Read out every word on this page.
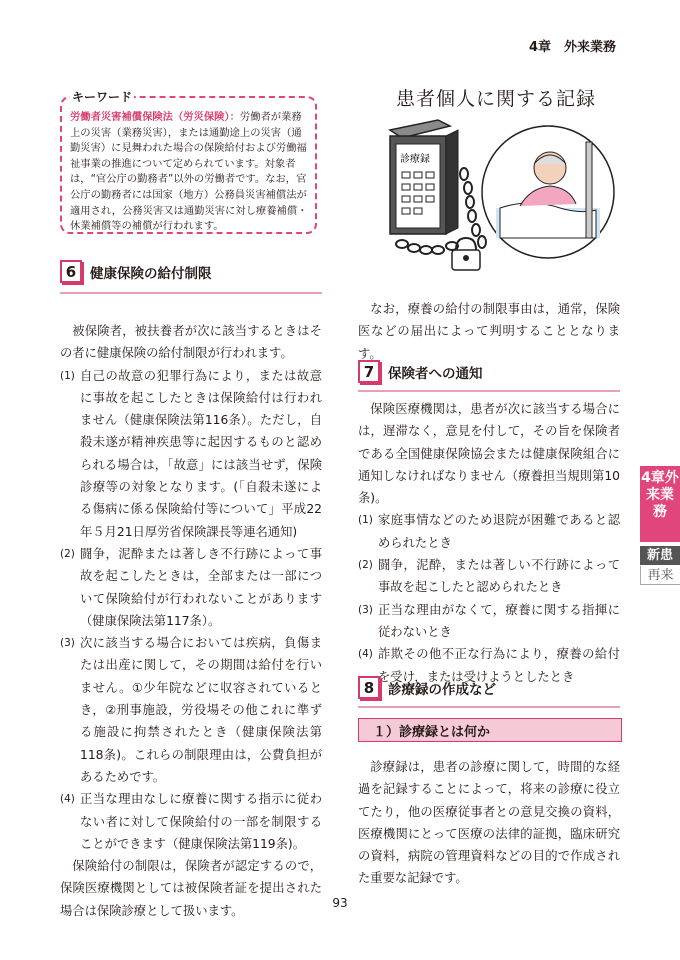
4章　外来業務
キーワード
労働者災害補償保険法（労災保険）：労働者が業務上の災害（業務災害），または通勤途上の災害（通勤災害）に見舞われた場合の保険給付および労働福祉事業の推進について定められています。対象者は，“官公庁の勤務者”以外の労働者です。なお，官公庁の勤務者には国家（地方）公務員災害補償法が適用され，公務災害又は通勤災害に対し療養補償・休業補償等の補償が行われます。
患者個人に関する記録
診療録
6	健康保険の給付制限

被保険者，被扶養者が次に該当するときはその者に健康保険の給付制限が行われます。

(1) 自己の故意の犯罪行為により，または故意に事故を起こしたときは保険給付は行われません（健康保険法第116条）。ただし，自殺未遂が精神疾患等に起因するものと認められる場合は，「故意」には該当せず，保険診療等の対象となります。(「自殺未遂による傷病に係る保険給付等について」平成22年５月21日厚労省保険課長等連名通知)
(2) 闘争，泥酔または著しき不行跡によって事故を起こしたときは，全部または一部について保険給付が行われないことがあります（健康保険法第117条）。
(3) 次に該当する場合においては疾病，負傷または出産に関して，その期間は給付を行いません。①少年院などに収容されているとき，②刑事施設，労役場その他これに準ずる施設に拘禁されたとき（健康保険法第118条)。これらの制限理由は，公費負担があるためです。
(4) 正当な理由なしに療養に関する指示に従わない者に対して保険給付の一部を制限することができます（健康保険法第119条)。

保険給付の制限は，保険者が認定するので，保険医療機関としては被保険者証を提出された場合は保険診療として扱います。

なお，療養の給付の制限事由は，通常，保険医などの届出によって判明することとなります。

7	保険者への通知

保険医療機関は，患者が次に該当する場合には，遅滞なく，意見を付して，その旨を保険者である全国健康保険協会または健康保険組合に通知しなければなりません（療養担当規則第10条)。

(1) 家庭事情などのため退院が困難であると認められたとき
(2) 闘争，泥酔，または著しい不行跡によって事故を起こしたと認められたとき
(3) 正当な理由がなくて，療養に関する指揮に従わないとき
(4) 詐欺その他不正な行為により，療養の給付を受け，または受けようとしたとき
8	診療録の作成など
１）診療録とは何か

診療録は，患者の診療に関して，時間的な経過を記録することによって，将来の診療に役立てたり，他の医療従事者との意見交換の資料，医療機関にとって医療の法律的証拠，臨床研究の資料，病院の管理資料などの目的で作成された重要な記録です。

4章外来業務
新患
再来
93
